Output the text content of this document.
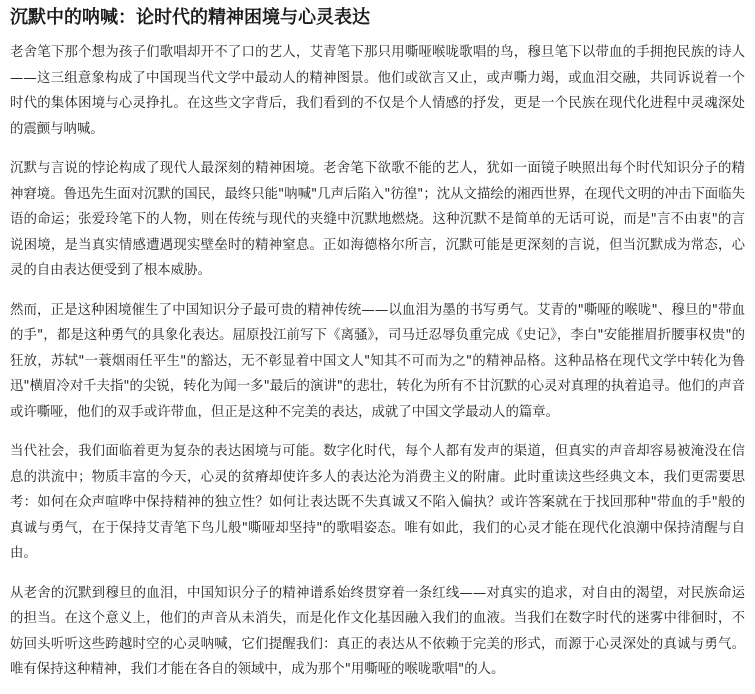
沉默中的呐喊：论时代的精神困境与心灵表达

老舍笔下那个想为孩子们歌唱却开不了口的艺人，艾青笔下那只用嘶哑喉咙歌唱的鸟，穆旦笔下以带血的手拥抱民族的诗人——这三组意象构成了中国现当代文学中最动人的精神图景。他们或欲言又止，或声嘶力竭，或血泪交融，共同诉说着一个时代的集体困境与心灵挣扎。在这些文字背后，我们看到的不仅是个人情感的抒发，更是一个民族在现代化进程中灵魂深处的震颤与呐喊。

沉默与言说的悖论构成了现代人最深刻的精神困境。老舍笔下欲歌不能的艺人，犹如一面镜子映照出每个时代知识分子的精神窘境。鲁迅先生面对沉默的国民，最终只能"呐喊"几声后陷入"彷徨"；沈从文描绘的湘西世界，在现代文明的冲击下面临失语的命运；张爱玲笔下的人物，则在传统与现代的夹缝中沉默地燃烧。这种沉默不是简单的无话可说，而是"言不由衷"的言说困境，是当真实情感遭遇现实壁垒时的精神窒息。正如海德格尔所言，沉默可能是更深刻的言说，但当沉默成为常态，心灵的自由表达便受到了根本威胁。

然而，正是这种困境催生了中国知识分子最可贵的精神传统——以血泪为墨的书写勇气。艾青的"嘶哑的喉咙"、穆旦的"带血的手"，都是这种勇气的具象化表达。屈原投江前写下《离骚》，司马迁忍辱负重完成《史记》，李白"安能摧眉折腰事权贵"的狂放，苏轼"一蓑烟雨任平生"的豁达，无不彰显着中国文人"知其不可而为之"的精神品格。这种品格在现代文学中转化为鲁迅"横眉冷对千夫指"的尖锐，转化为闻一多"最后的演讲"的悲壮，转化为所有不甘沉默的心灵对真理的执着追寻。他们的声音或许嘶哑，他们的双手或许带血，但正是这种不完美的表达，成就了中国文学最动人的篇章。

当代社会，我们面临着更为复杂的表达困境与可能。数字化时代，每个人都有发声的渠道，但真实的声音却容易被淹没在信息的洪流中；物质丰富的今天，心灵的贫瘠却使许多人的表达沦为消费主义的附庸。此时重读这些经典文本，我们更需要思考：如何在众声喧哗中保持精神的独立性？如何让表达既不失真诚又不陷入偏执？或许答案就在于找回那种"带血的手"般的真诚与勇气，在于保持艾青笔下鸟儿般"嘶哑却坚持"的歌唱姿态。唯有如此，我们的心灵才能在现代化浪潮中保持清醒与自由。

从老舍的沉默到穆旦的血泪，中国知识分子的精神谱系始终贯穿着一条红线——对真实的追求，对自由的渴望，对民族命运的担当。在这个意义上，他们的声音从未消失，而是化作文化基因融入我们的血液。当我们在数字时代的迷雾中徘徊时，不妨回头听听这些跨越时空的心灵呐喊，它们提醒我们：真正的表达从不依赖于完美的形式，而源于心灵深处的真诚与勇气。唯有保持这种精神，我们才能在各自的领域中，成为那个"用嘶哑的喉咙歌唱"的人。
